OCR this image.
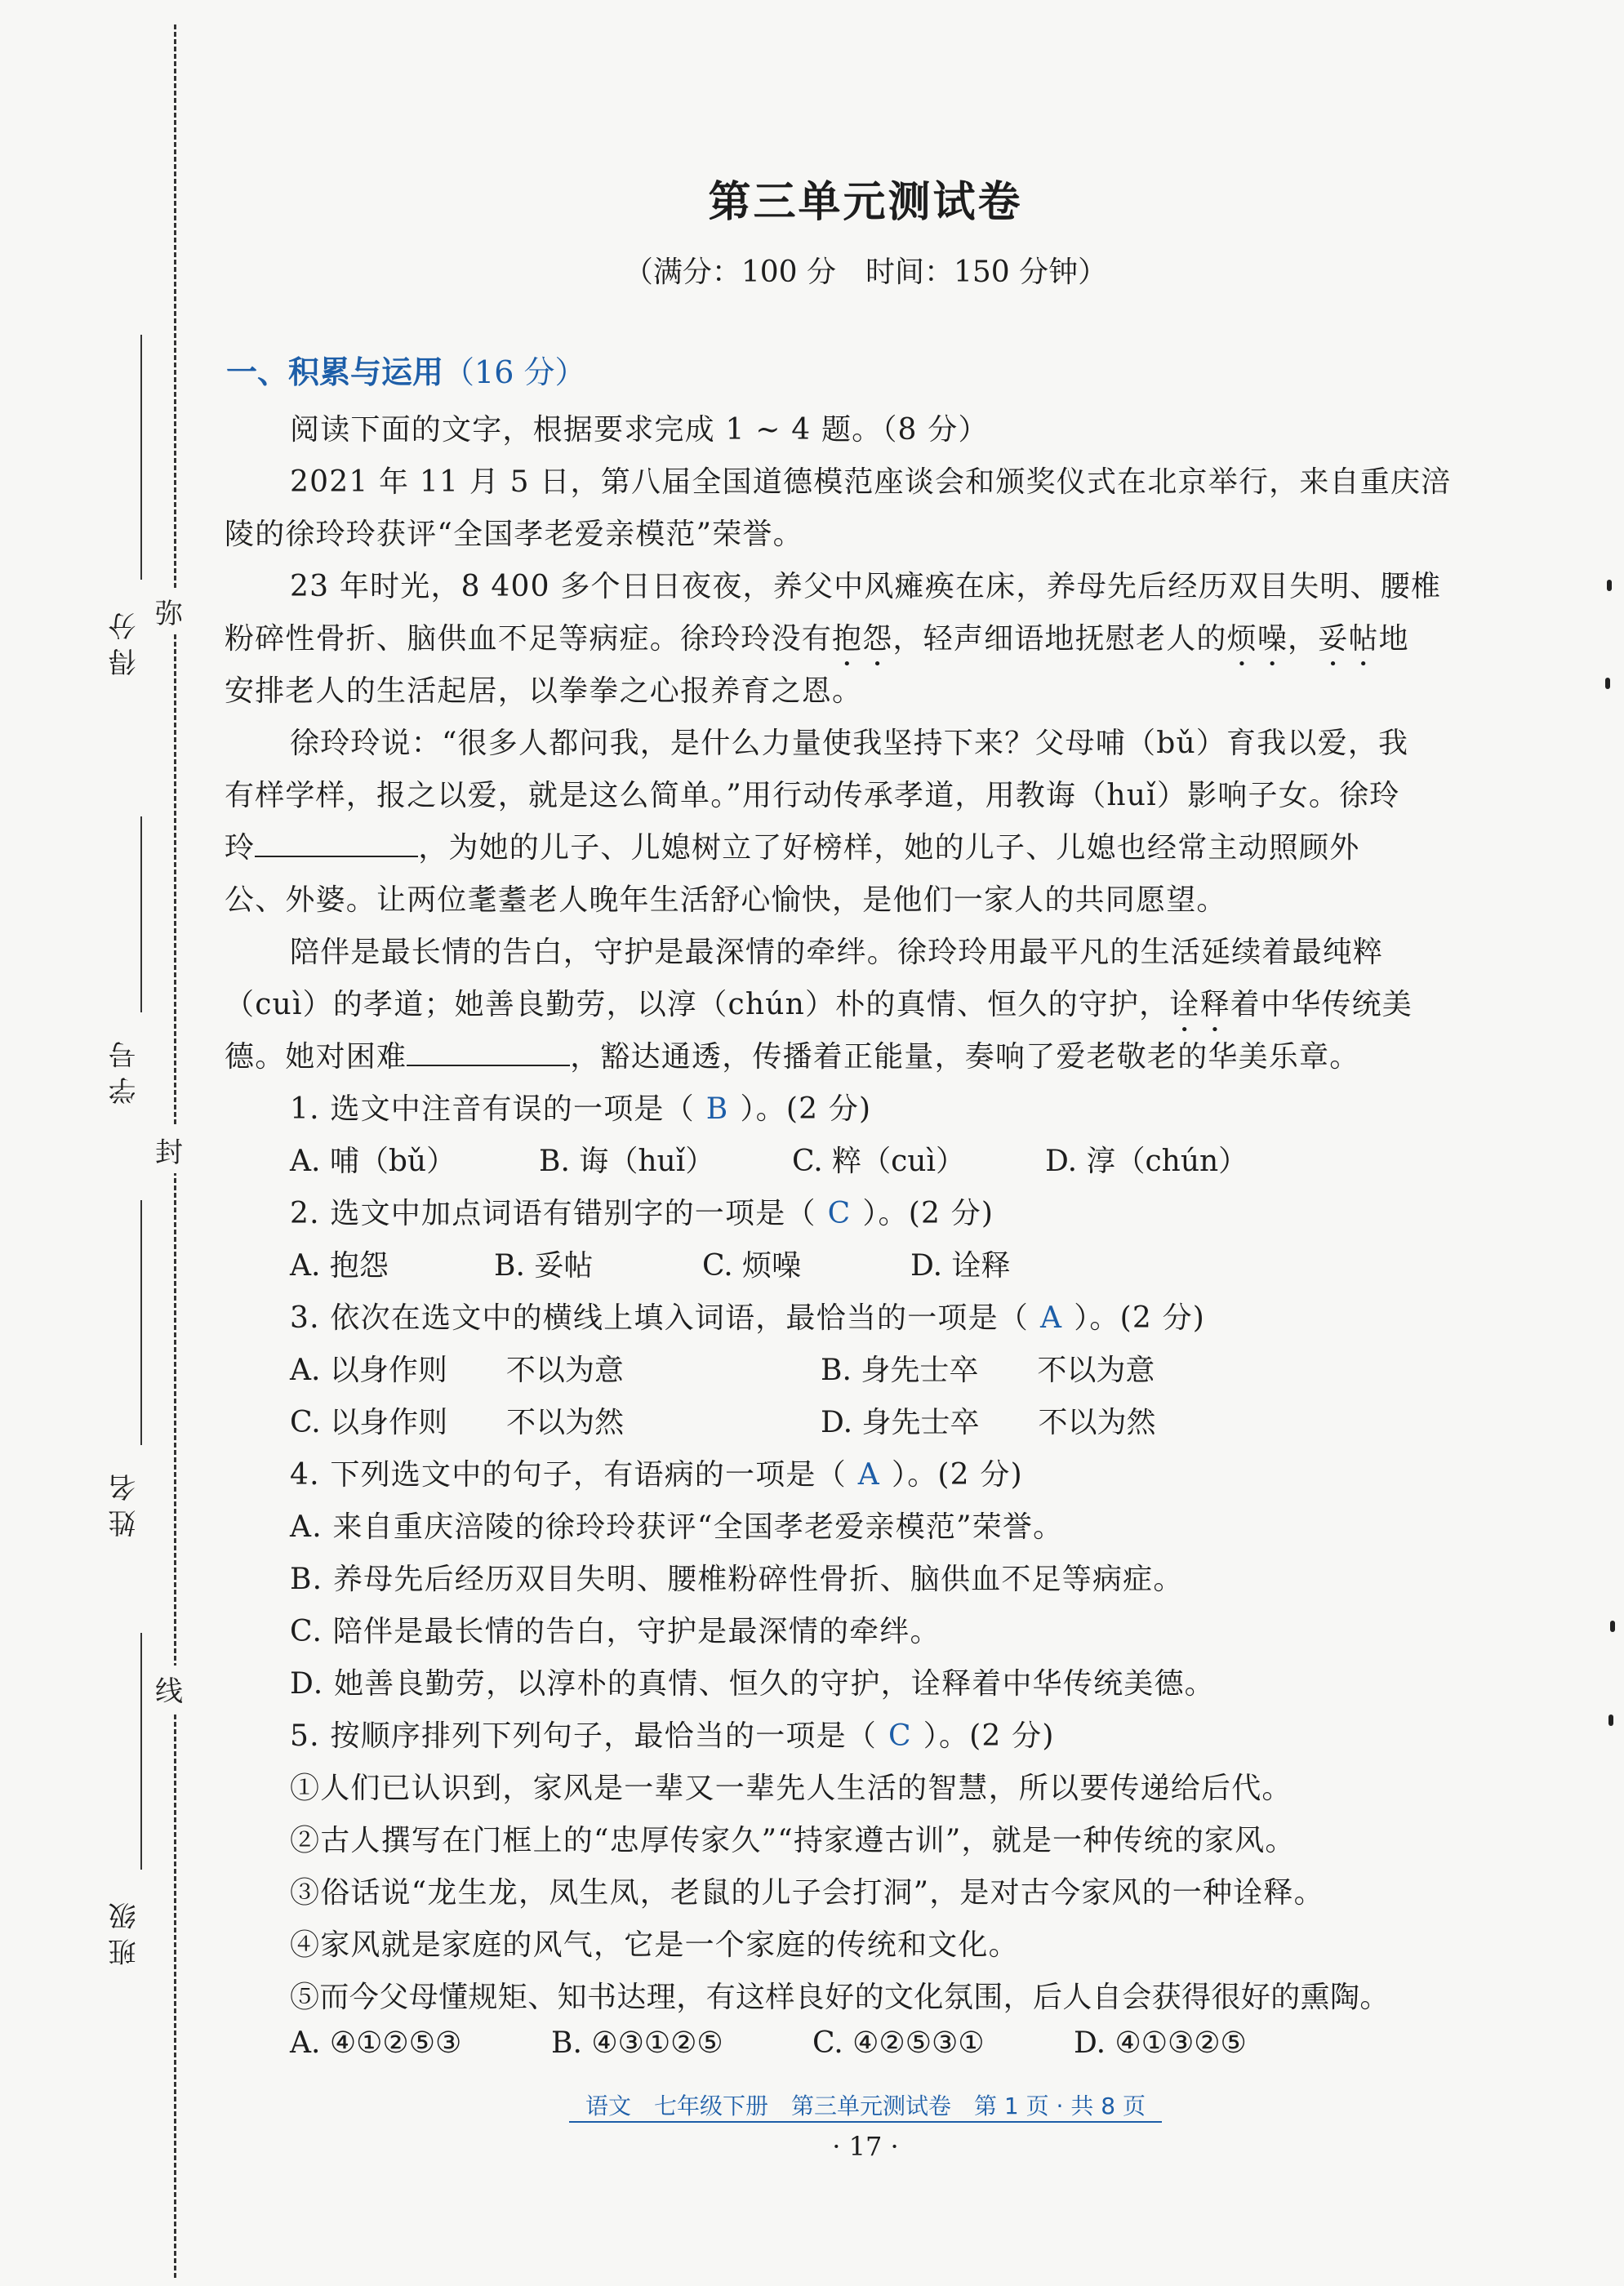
弥
封
线
得分
学号
姓名
班级
第三单元测试卷
（满分：100 分　时间：150 分钟）
一、积累与运用（16 分）
阅读下面的文字，根据要求完成 1 ~ 4 题。（8 分）
2021 年 11 月 5 日，第八届全国道德模范座谈会和颁奖仪式在北京举行，来自重庆涪
陵的徐玲玲获评“全国孝老爱亲模范”荣誉。
23 年时光，8 400 多个日日夜夜，养父中风瘫痪在床，养母先后经历双目失明、腰椎
粉碎性骨折、脑供血不足等病症。徐玲玲没有抱怨，轻声细语地抚慰老人的烦噪，妥帖地
安排老人的生活起居，以拳拳之心报养育之恩。
徐玲玲说：“很多人都问我，是什么力量使我坚持下来？父母哺（bǔ）育我以爱，我
有样学样，报之以爱，就是这么简单。”用行动传承孝道，用教诲（huǐ）影响子女。徐玲
玲	，为她的儿子、儿媳树立了好榜样，她的儿子、儿媳也经常主动照顾外
公、外婆。让两位耄耋老人晚年生活舒心愉快，是他们一家人的共同愿望。
陪伴是最长情的告白，守护是最深情的牵绊。徐玲玲用最平凡的生活延续着最纯粹
（cuì）的孝道；她善良勤劳，以淳（chún）朴的真情、恒久的守护，诠释着中华传统美
德。她对困难	，豁达通透，传播着正能量，奏响了爱老敬老的华美乐章。
1. 选文中注音有误的一项是（ B ）。(2 分)
A. 哺（bǔ）	B. 诲（huǐ）	C. 粹（cuì）	D. 淳（chún）
2. 选文中加点词语有错别字的一项是（ C ）。(2 分)
A. 抱怨	B. 妥帖	C. 烦噪	D. 诠释
3. 依次在选文中的横线上填入词语，最恰当的一项是（ A ）。(2 分)
A. 以身作则　　不以为意	B. 身先士卒　　不以为意
C. 以身作则　　不以为然	D. 身先士卒　　不以为然
4. 下列选文中的句子，有语病的一项是（ A ）。(2 分)
A. 来自重庆涪陵的徐玲玲获评“全国孝老爱亲模范”荣誉。
B. 养母先后经历双目失明、腰椎粉碎性骨折、脑供血不足等病症。
C. 陪伴是最长情的告白，守护是最深情的牵绊。
D. 她善良勤劳，以淳朴的真情、恒久的守护，诠释着中华传统美德。
5. 按顺序排列下列句子，最恰当的一项是（ C ）。(2 分)
①人们已认识到，家风是一辈又一辈先人生活的智慧，所以要传递给后代。
②古人撰写在门框上的“忠厚传家久”“持家遵古训”，就是一种传统的家风。
③俗话说“龙生龙，凤生凤，老鼠的儿子会打洞”，是对古今家风的一种诠释。
④家风就是家庭的风气，它是一个家庭的传统和文化。
⑤而今父母懂规矩、知书达理，有这样良好的文化氛围，后人自会获得很好的熏陶。
A. ④①②⑤③	B. ④③①②⑤	C. ④②⑤③①	D. ④①③②⑤
语文　七年级下册　第三单元测试卷　第 1 页 · 共 8 页
· 17 ·
